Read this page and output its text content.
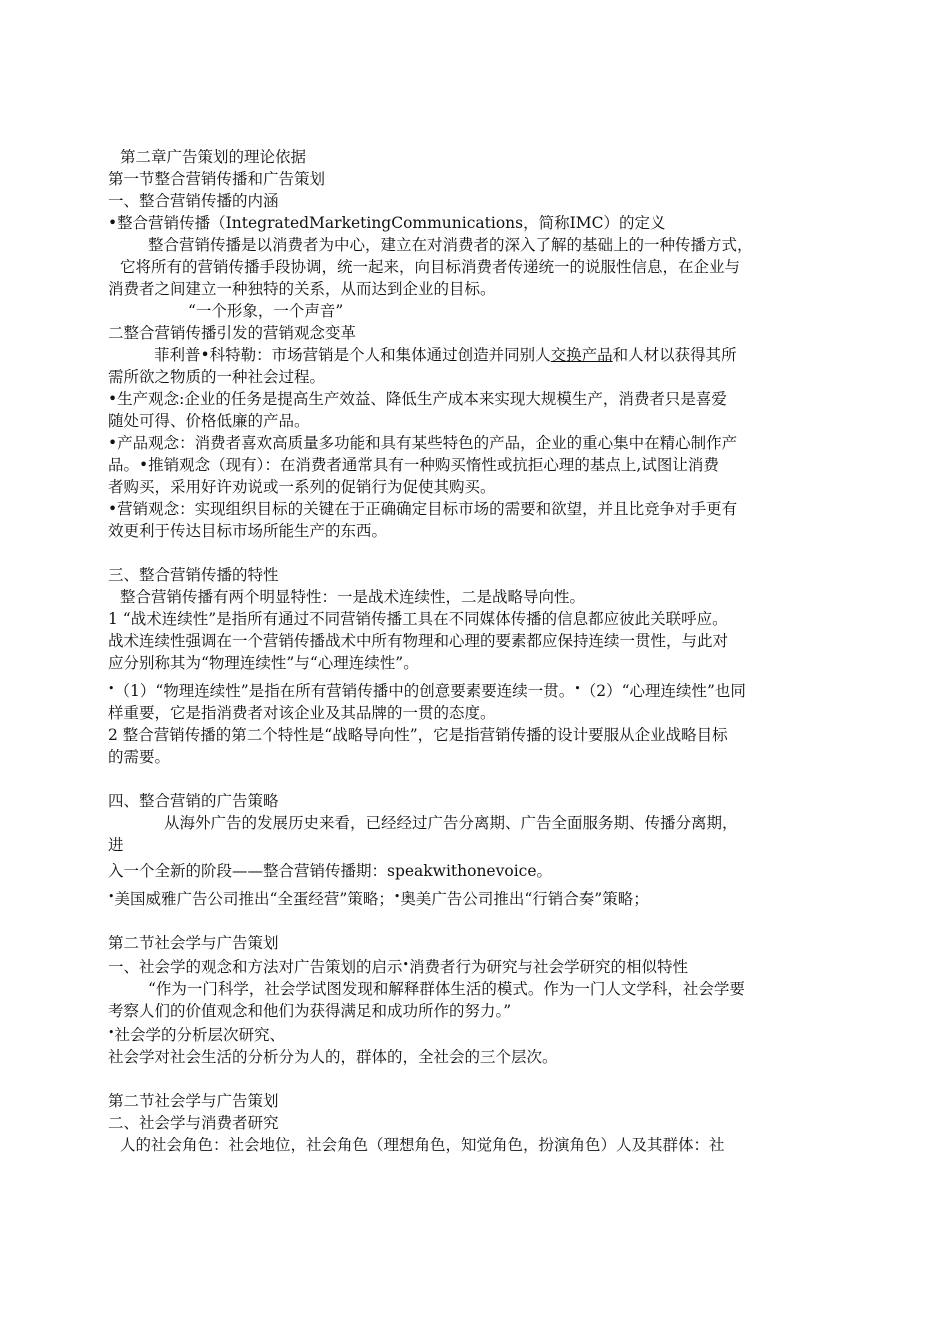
第二章广告策划的理论依据
第一节整合营销传播和广告策划
一、整合营销传播的内涵
•整合营销传播（IntegratedMarketingCommunications，简称IMC）的定义
整合营销传播是以消费者为中心，建立在对消费者的深入了解的基础上的一种传播方式，
它将所有的营销传播手段协调，统一起来，向目标消费者传递统一的说服性信息，在企业与
消费者之间建立一种独特的关系，从而达到企业的目标。
“一个形象，一个声音”
二整合营销传播引发的营销观念变革
菲利普•科特勒：市场营销是个人和集体通过创造并同别人交换产品和人材以获得其所
需所欲之物质的一种社会过程。
•生产观念:企业的任务是提高生产效益、降低生产成本来实现大规模生产，消费者只是喜爱
随处可得、价格低廉的产品。
•产品观念：消费者喜欢高质量多功能和具有某些特色的产品，企业的重心集中在精心制作产
品。•推销观念（现有）：在消费者通常具有一种购买惰性或抗拒心理的基点上,试图让消费
者购买，采用好许劝说或一系列的促销行为促使其购买。
•营销观念：实现组织目标的关键在于正确确定目标市场的需要和欲望，并且比竞争对手更有
效更利于传达目标市场所能生产的东西。
三、整合营销传播的特性
整合营销传播有两个明显特性：一是战术连续性，二是战略导向性。
1 “战术连续性”是指所有通过不同营销传播工具在不同媒体传播的信息都应彼此关联呼应。
战术连续性强调在一个营销传播战术中所有物理和心理的要素都应保持连续一贯性，与此对
应分别称其为“物理连续性”与“心理连续性”。
•（1）“物理连续性”是指在所有营销传播中的创意要素要连续一贯。•（2）“心理连续性”也同
样重要，它是指消费者对该企业及其品牌的一贯的态度。
2 整合营销传播的第二个特性是“战略导向性”，它是指营销传播的设计要服从企业战略目标
的需要。
四、整合营销的广告策略
从海外广告的发展历史来看，已经经过广告分离期、广告全面服务期、传播分离期，
进
入一个全新的阶段——整合营销传播期：speakwithonevoice。
•美国威雅广告公司推出“全蛋经营”策略；•奥美广告公司推出“行销合奏”策略；
第二节社会学与广告策划
一、社会学的观念和方法对广告策划的启示•消费者行为研究与社会学研究的相似特性
“作为一门科学，社会学试图发现和解释群体生活的模式。作为一门人文学科，社会学要
考察人们的价值观念和他们为获得满足和成功所作的努力。”
•社会学的分析层次研究、
社会学对社会生活的分析分为人的，群体的，全社会的三个层次。
第二节社会学与广告策划
二、社会学与消费者研究
人的社会角色：社会地位，社会角色（理想角色，知觉角色，扮演角色）人及其群体：社
